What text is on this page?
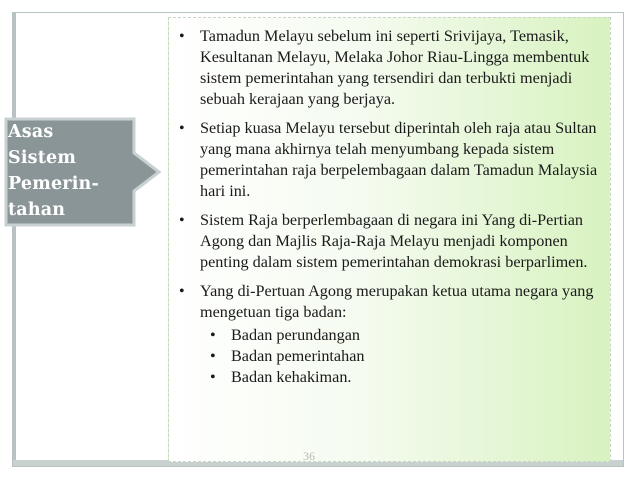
Asas
Sistem
Pemerin-
tahan
• Tamadun Melayu sebelum ini seperti Srivijaya, Temasik, Kesultanan Melayu, Melaka Johor Riau-Lingga membentuk sistem pemerintahan yang tersendiri dan terbukti menjadi sebuah kerajaan yang berjaya.
• Setiap kuasa Melayu tersebut diperintah oleh raja atau Sultan yang mana akhirnya telah menyumbang kepada sistem pemerintahan raja berpelembagaan dalam Tamadun Malaysia hari ini.
• Sistem Raja berperlembagaan di negara ini Yang di-Pertian Agong dan Majlis Raja-Raja Melayu menjadi komponen penting dalam sistem pemerintahan demokrasi berparlimen.
• Yang di-Pertuan Agong merupakan ketua utama negara yang mengetuan tiga badan:
• Badan perundangan
• Badan pemerintahan
• Badan kehakiman.
36
